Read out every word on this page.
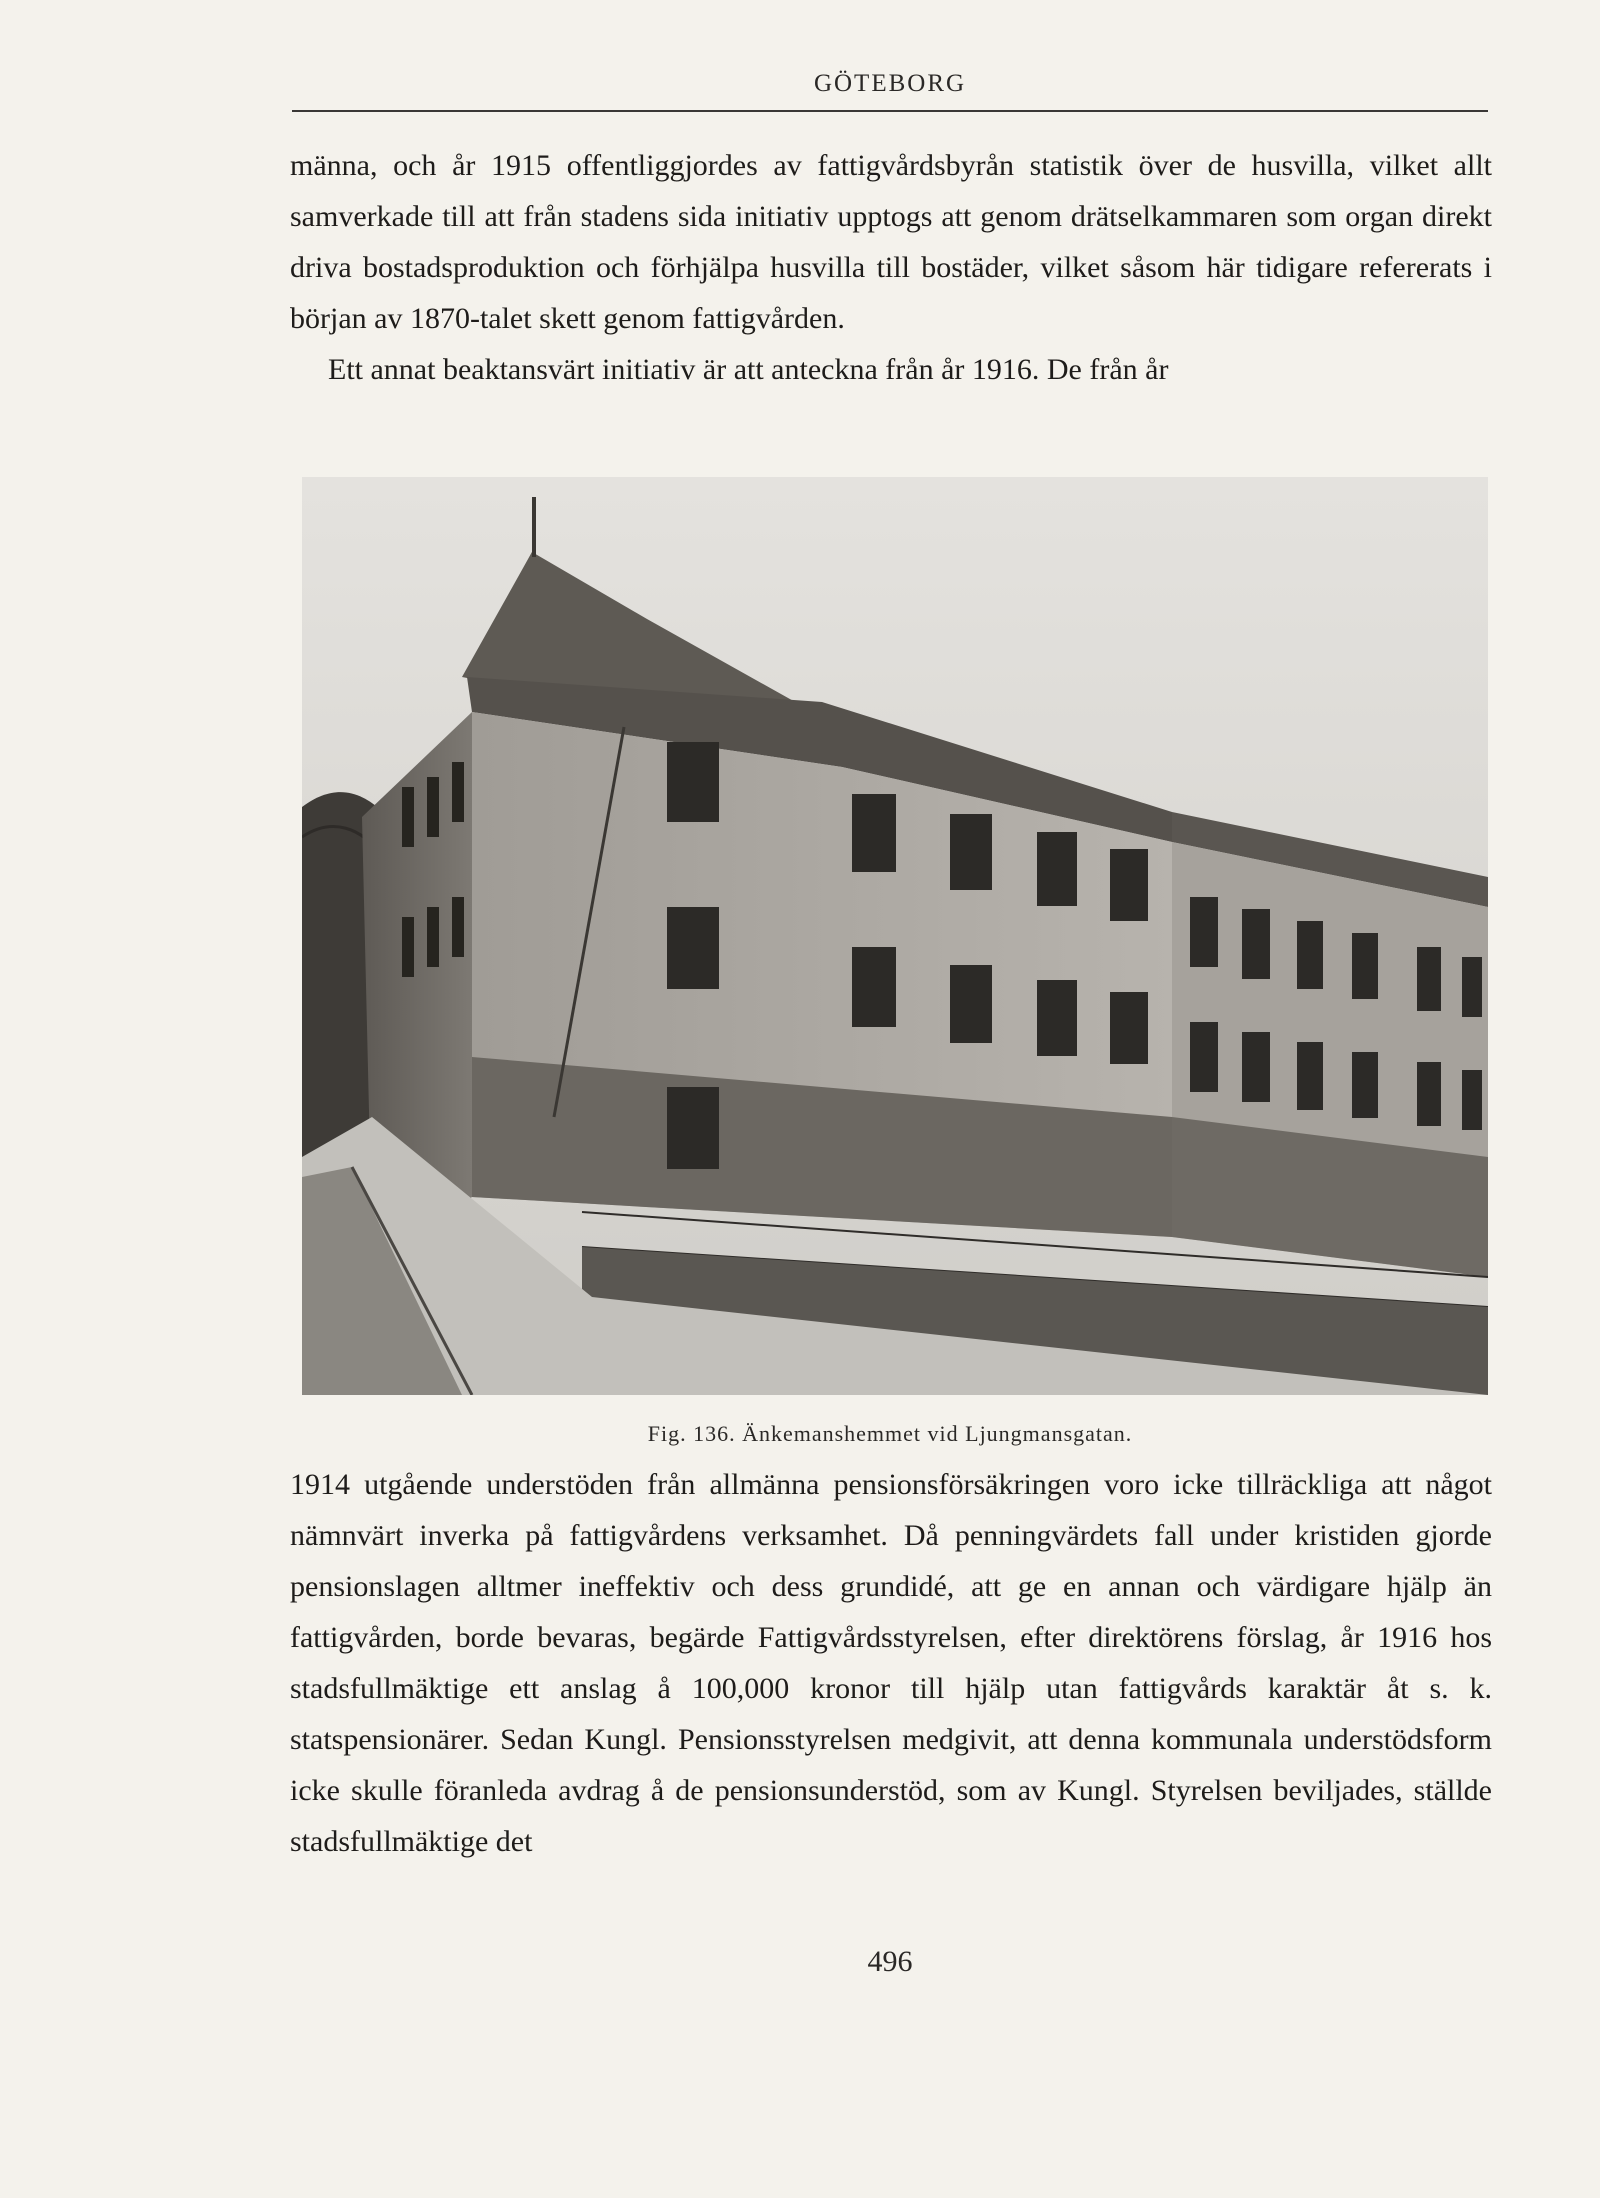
GÖTEBORG

männa, och år 1915 offentliggjordes av fattigvårdsbyrån statistik över de husvilla, vilket allt samverkade till att från stadens sida initiativ upptogs att genom drätselkammaren som organ direkt driva bostadsproduktion och förhjälpa husvilla till bostäder, vilket såsom här tidigare refererats i början av 1870-talet skett genom fattigvården.

Ett annat beaktansvärt initiativ är att anteckna från år 1916. De från år

Fig. 136. Änkemanshemmet vid Ljungmansgatan.

1914 utgående understöden från allmänna pensionsförsäkringen voro icke tillräckliga att något nämnvärt inverka på fattigvårdens verksamhet. Då penningvärdets fall under kristiden gjorde pensionslagen alltmer ineffektiv och dess grundidé, att ge en annan och värdigare hjälp än fattigvården, borde bevaras, begärde Fattigvårdsstyrelsen, efter direktörens förslag, år 1916 hos stadsfullmäktige ett anslag å 100,000 kronor till hjälp utan fattigvårds karaktär åt s. k. statspensionärer. Sedan Kungl. Pensionsstyrelsen medgivit, att denna kommunala understödsform icke skulle föranleda avdrag å de pensionsunderstöd, som av Kungl. Styrelsen beviljades, ställde stadsfullmäktige det

496
